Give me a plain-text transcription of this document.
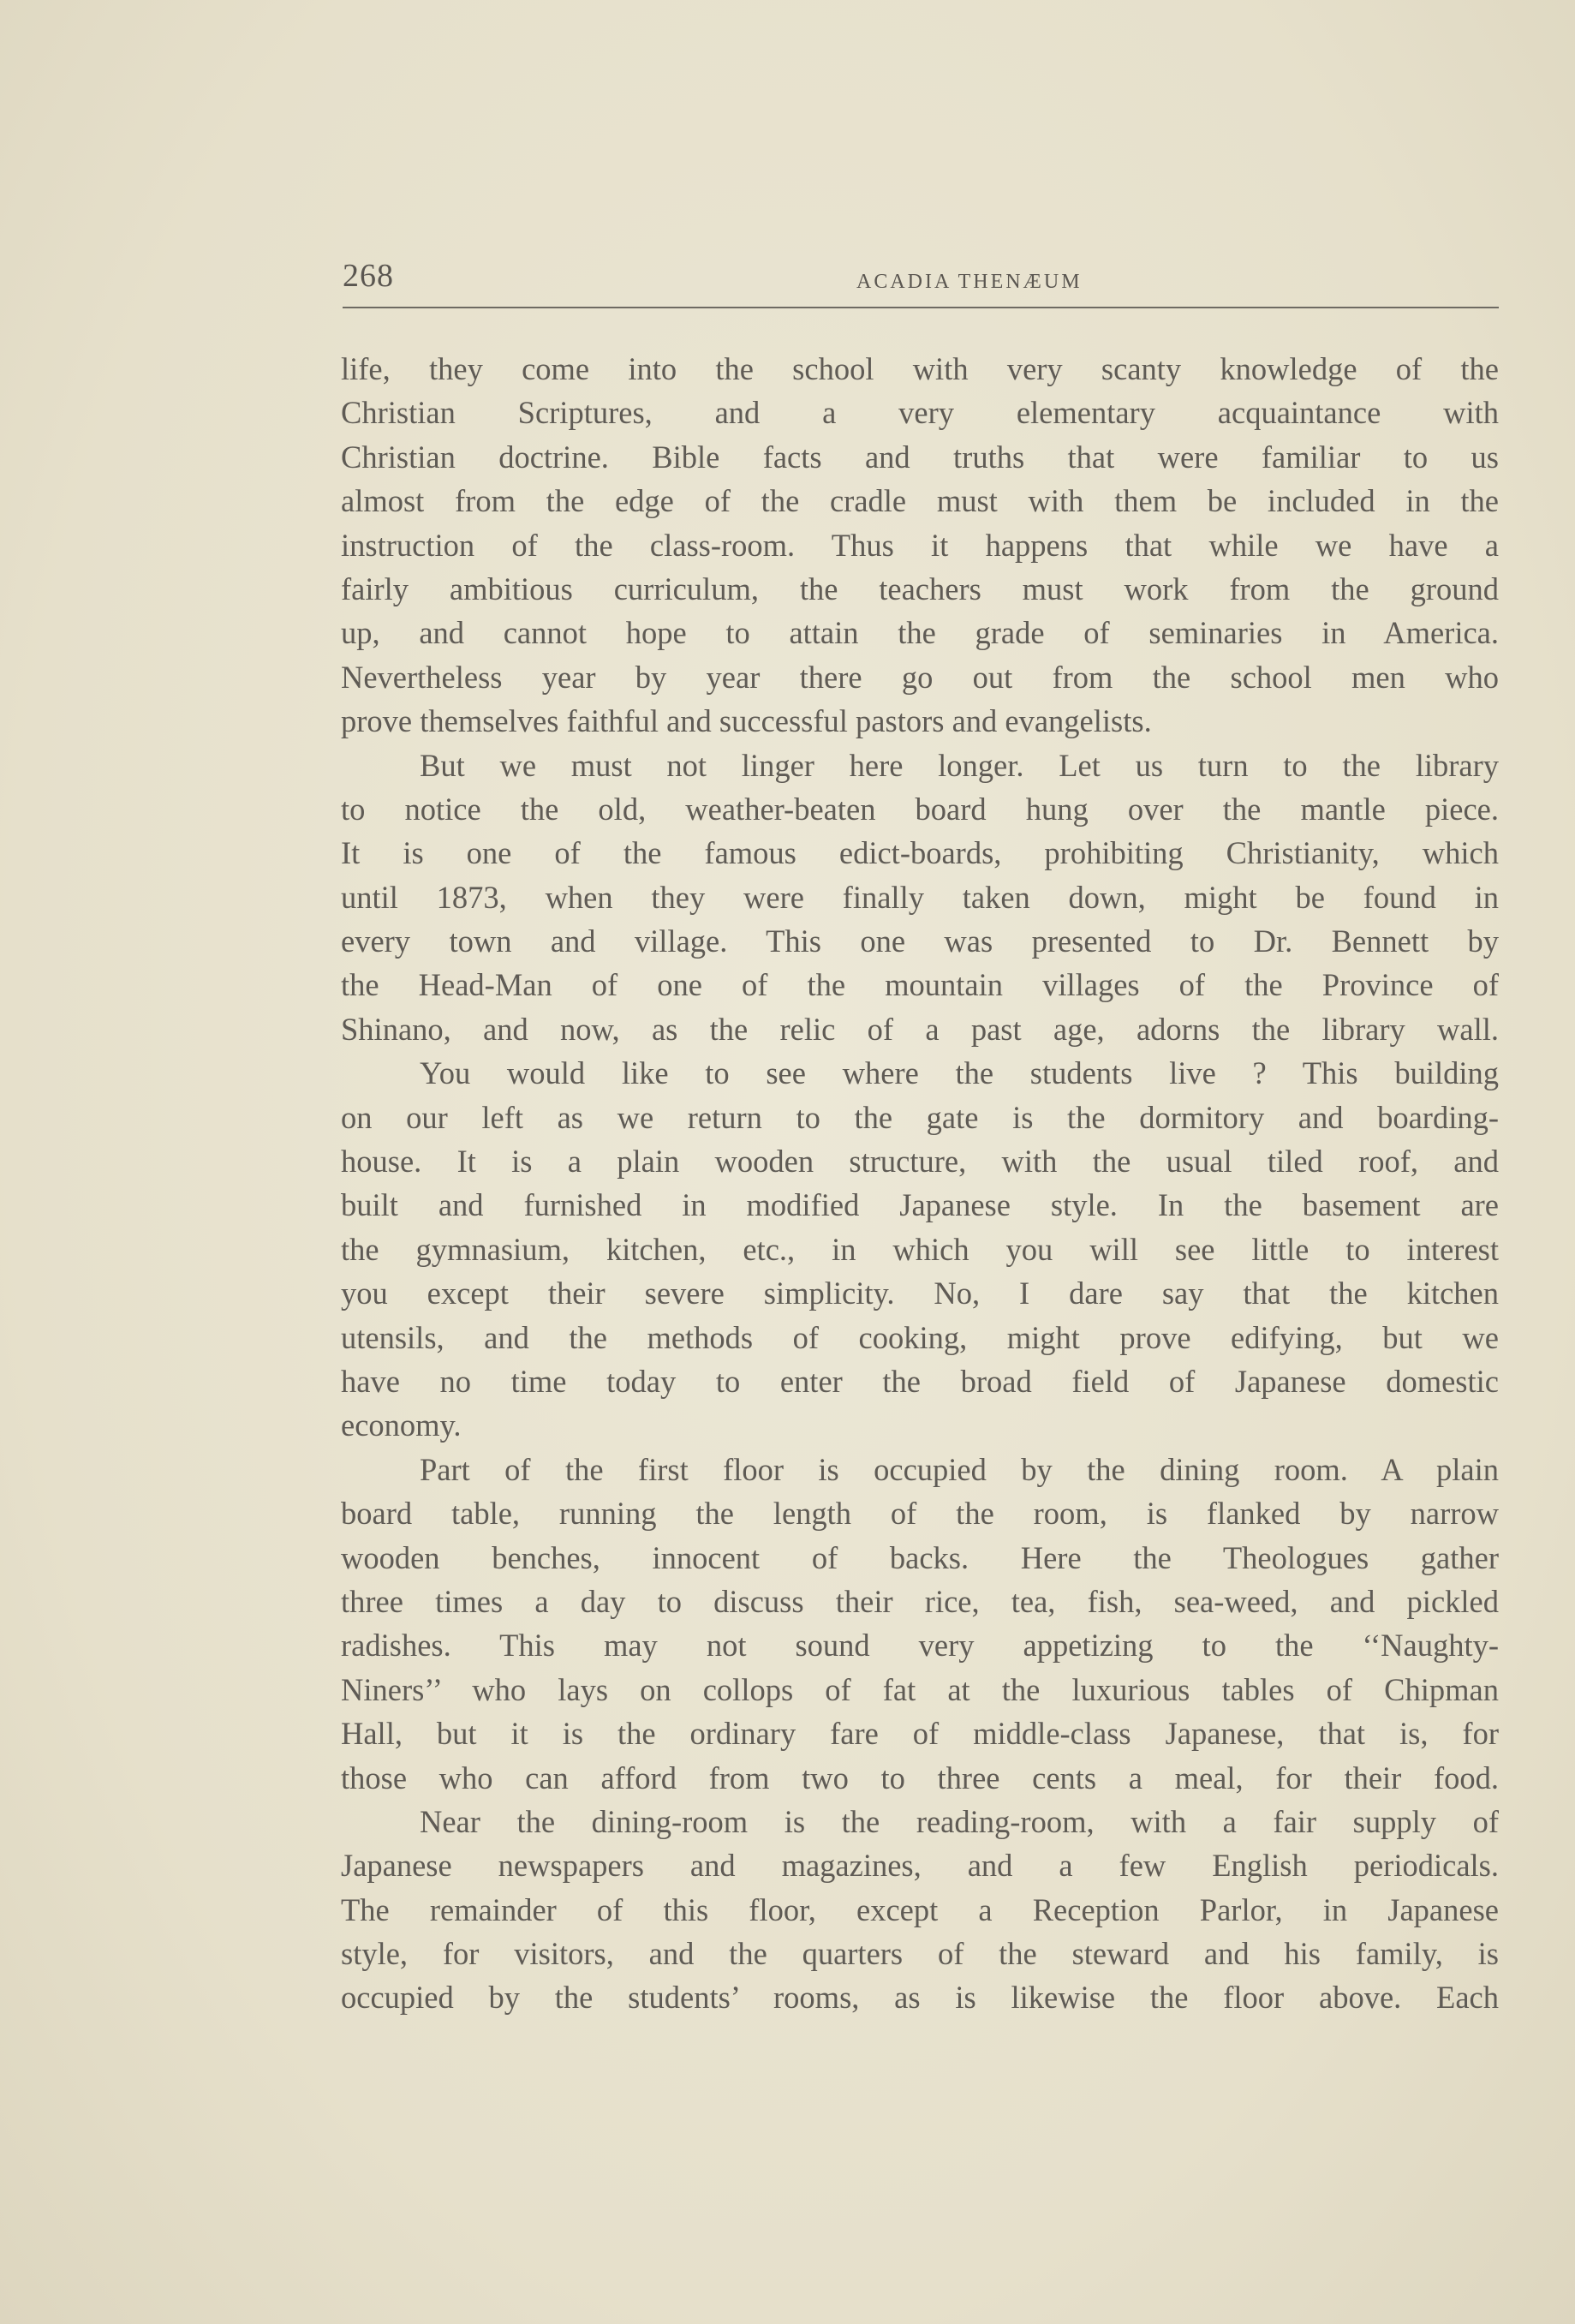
268	ACADIA THENÆUM
life, they come into the school with very scanty knowledge of the
Christian Scriptures, and a very elementary acquaintance with
Christian doctrine. Bible facts and truths that were familiar to us
almost from the edge of the cradle must with them be included in the
instruction of the class-room. Thus it happens that while we have a
fairly ambitious curriculum, the teachers must work from the ground
up, and cannot hope to attain the grade of seminaries in America.
Nevertheless year by year there go out from the school men who
prove themselves faithful and successful pastors and evangelists.
But we must not linger here longer. Let us turn to the library
to notice the old, weather-beaten board hung over the mantle piece.
It is one of the famous edict-boards, prohibiting Christianity, which
until 1873, when they were finally taken down, might be found in
every town and village. This one was presented to Dr. Bennett by
the Head-Man of one of the mountain villages of the Province of
Shinano, and now, as the relic of a past age, adorns the library wall.
You would like to see where the students live ? This building
on our left as we return to the gate is the dormitory and boarding-
house. It is a plain wooden structure, with the usual tiled roof, and
built and furnished in modified Japanese style. In the basement are
the gymnasium, kitchen, etc., in which you will see little to interest
you except their severe simplicity. No, I dare say that the kitchen
utensils, and the methods of cooking, might prove edifying, but we
have no time today to enter the broad field of Japanese domestic
economy.
Part of the first floor is occupied by the dining room. A plain
board table, running the length of the room, is flanked by narrow
wooden benches, innocent of backs. Here the Theologues gather
three times a day to discuss their rice, tea, fish, sea-weed, and pickled
radishes. This may not sound very appetizing to the ‘‘Naughty-
Niners’’ who lays on collops of fat at the luxurious tables of Chipman
Hall, but it is the ordinary fare of middle-class Japanese, that is, for
those who can afford from two to three cents a meal, for their food.
Near the dining-room is the reading-room, with a fair supply of
Japanese newspapers and magazines, and a few English periodicals.
The remainder of this floor, except a Reception Parlor, in Japanese
style, for visitors, and the quarters of the steward and his family, is
occupied by the students’ rooms, as is likewise the floor above. Each
